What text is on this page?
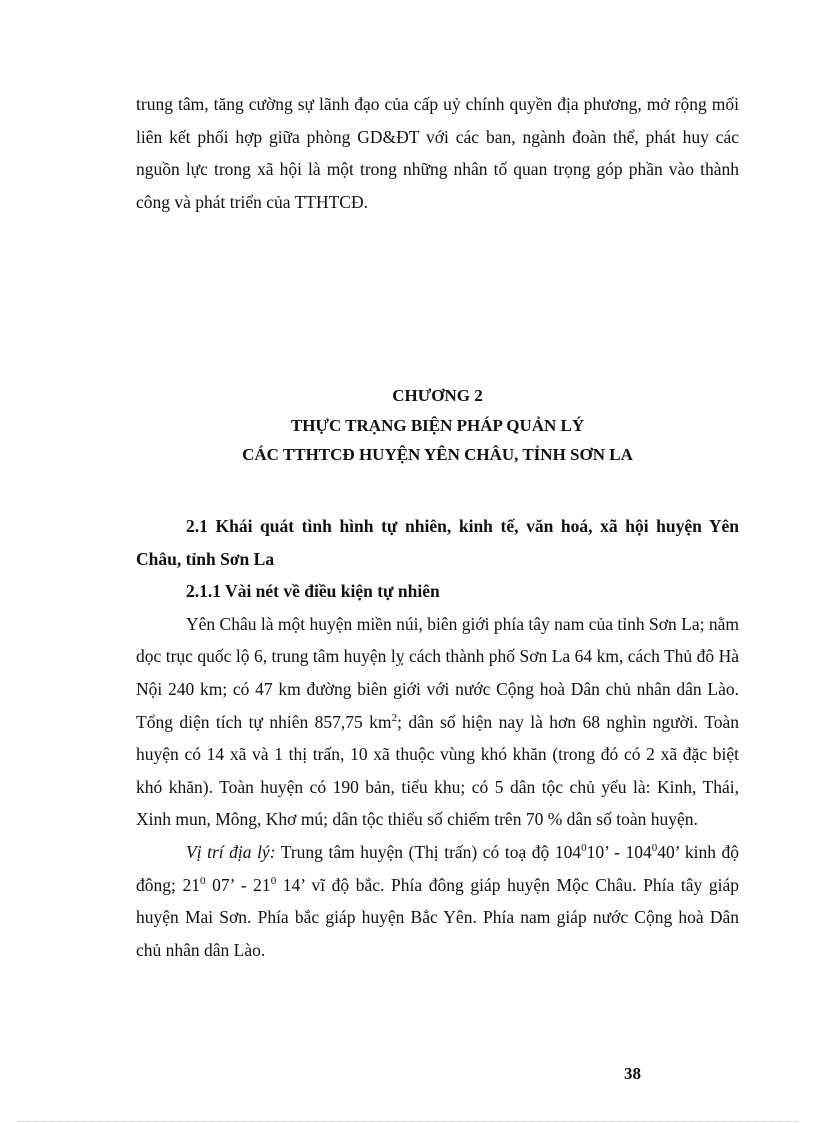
trung tâm, tăng cường sự lãnh đạo của cấp uỷ chính quyền địa phương, mở rộng mối liên kết phối hợp giữa phòng GD&ĐT với các ban, ngành đoàn thể, phát huy các nguồn lực trong xã hội là một trong những nhân tố quan trọng góp phần vào thành công và phát triển của TTHTCĐ.
CHƯƠNG 2
THỰC TRẠNG BIỆN PHÁP QUẢN LÝ
CÁC TTHTCĐ HUYỆN YÊN CHÂU, TỈNH SƠN LA

2.1 Khái quát tình hình tự nhiên, kinh tế, văn hoá, xã hội huyện Yên Châu, tỉnh Sơn La

2.1.1 Vài nét về điều kiện tự nhiên

Yên Châu là một huyện miền núi, biên giới phía tây nam của tỉnh Sơn La; nằm dọc trục quốc lộ 6, trung tâm huyện lỵ cách thành phố Sơn La 64 km, cách Thủ đô Hà Nội 240 km; có 47 km đường biên giới với nước Cộng hoà Dân chủ nhân dân Lào. Tổng diện tích tự nhiên 857,75 $km^2$; dân số hiện nay là hơn 68 nghìn người. Toàn huyện có 14 xã và 1 thị trấn, 10 xã thuộc vùng khó khăn (trong đó có 2 xã đặc biệt khó khăn). Toàn huyện có 190 bản, tiểu khu; có 5 dân tộc chủ yếu là: Kinh, Thái, Xinh mun, Mông, Khơ mú; dân tộc thiểu số chiếm trên 70 % dân số toàn huyện.

Vị trí địa lý: Trung tâm huyện (Thị trấn) có toạ độ $104^010$’ - $104^040$’ kinh độ đông; $21^0$ 07’ - $21^0$ 14’ vĩ độ bắc. Phía đông giáp huyện Mộc Châu. Phía tây giáp huyện Mai Sơn. Phía bắc giáp huyện Bắc Yên. Phía nam giáp nước Cộng hoà Dân chủ nhân dân Lào.

38
